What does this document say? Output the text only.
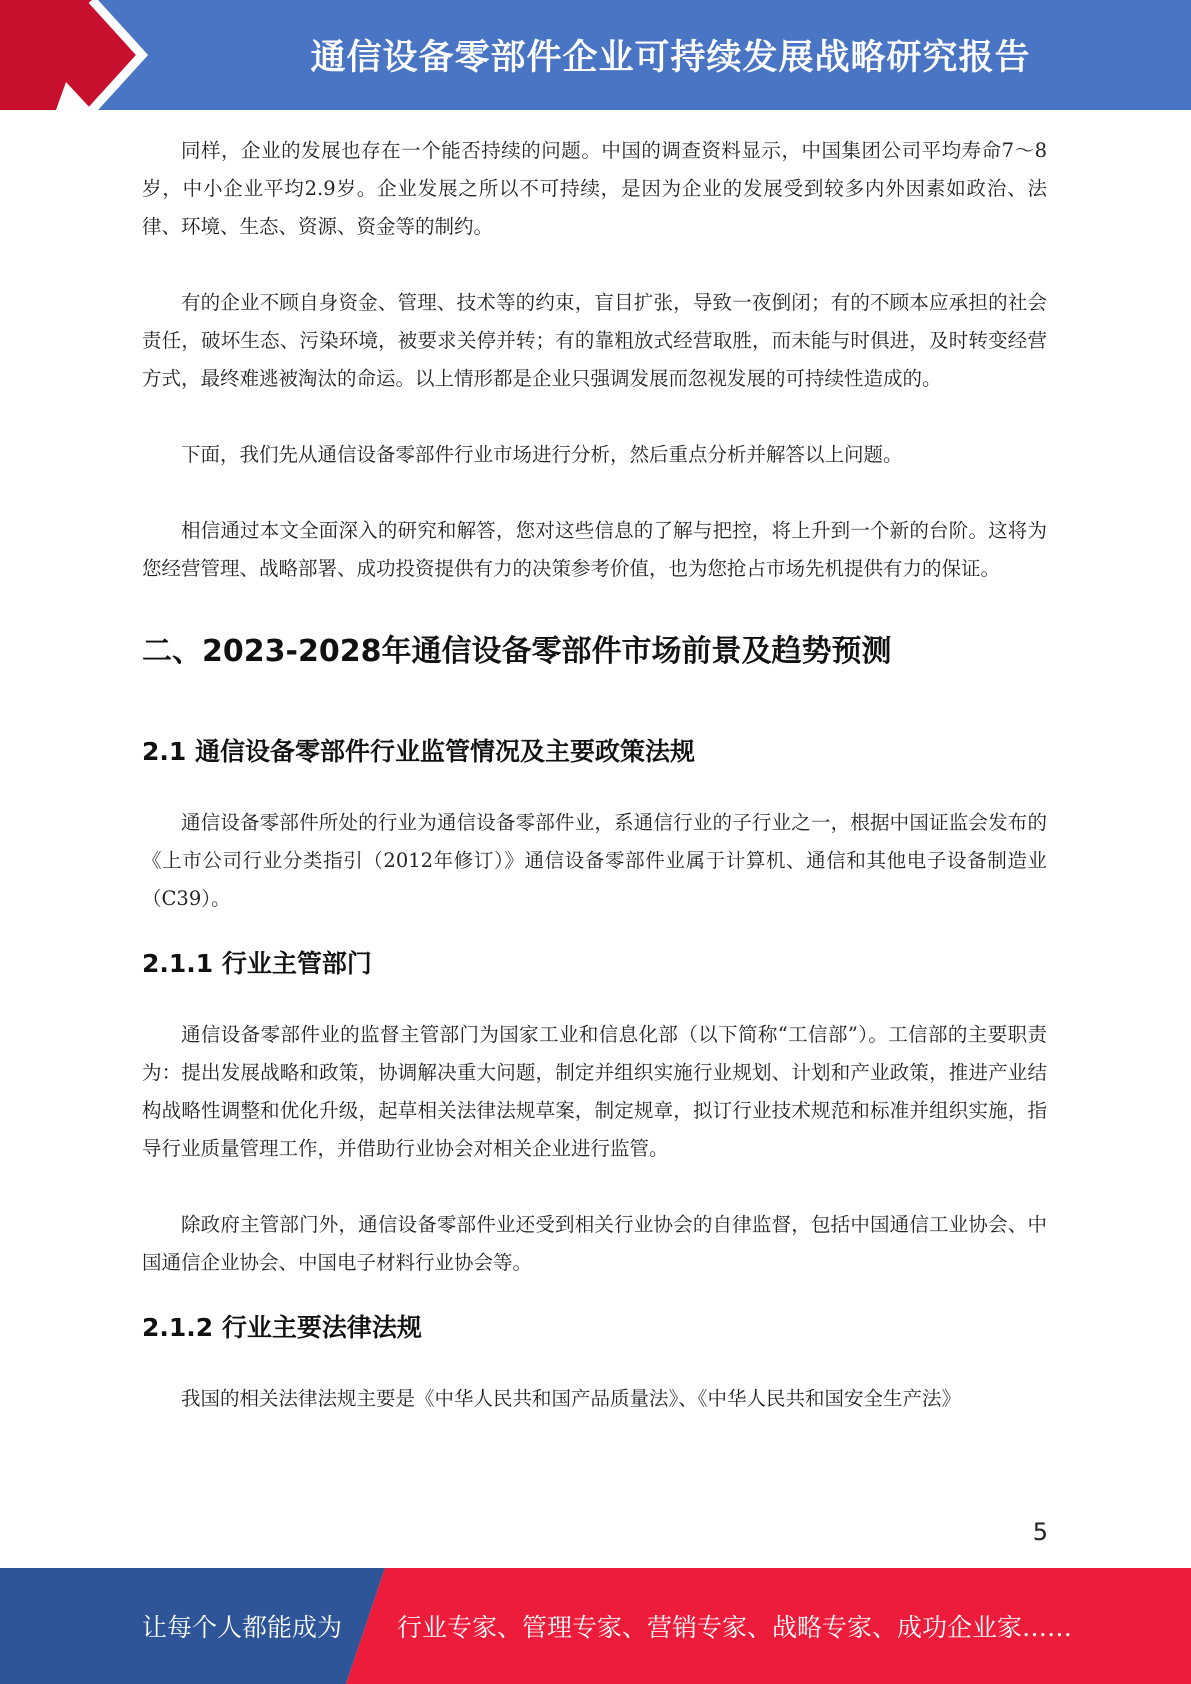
通信设备零部件企业可持续发展战略研究报告

同样，企业的发展也存在一个能否持续的问题。中国的调查资料显示，中国集团公司平均寿命7～8岁，中小企业平均2.9岁。企业发展之所以不可持续，是因为企业的发展受到较多内外因素如政治、法律、环境、生态、资源、资金等的制约。

有的企业不顾自身资金、管理、技术等的约束，盲目扩张，导致一夜倒闭；有的不顾本应承担的社会责任，破坏生态、污染环境，被要求关停并转；有的靠粗放式经营取胜，而未能与时俱进，及时转变经营方式，最终难逃被淘汰的命运。以上情形都是企业只强调发展而忽视发展的可持续性造成的。

下面，我们先从通信设备零部件行业市场进行分析，然后重点分析并解答以上问题。

相信通过本文全面深入的研究和解答，您对这些信息的了解与把控，将上升到一个新的台阶。这将为您经营管理、战略部署、成功投资提供有力的决策参考价值，也为您抢占市场先机提供有力的保证。

二、2023-2028年通信设备零部件市场前景及趋势预测
2.1 通信设备零部件行业监管情况及主要政策法规

通信设备零部件所处的行业为通信设备零部件业，系通信行业的子行业之一，根据中国证监会发布的《上市公司行业分类指引（2012年修订）》通信设备零部件业属于计算机、通信和其他电子设备制造业（C39）。

2.1.1 行业主管部门

通信设备零部件业的监督主管部门为国家工业和信息化部（以下简称“工信部”）。工信部的主要职责为：提出发展战略和政策，协调解决重大问题，制定并组织实施行业规划、计划和产业政策，推进产业结构战略性调整和优化升级，起草相关法律法规草案，制定规章，拟订行业技术规范和标准并组织实施，指导行业质量管理工作，并借助行业协会对相关企业进行监管。

除政府主管部门外，通信设备零部件业还受到相关行业协会的自律监督，包括中国通信工业协会、中国通信企业协会、中国电子材料行业协会等。

2.1.2 行业主要法律法规

我国的相关法律法规主要是《中华人民共和国产品质量法》、《中华人民共和国安全生产法》

5
让每个人都能成为 行业专家、管理专家、营销专家、战略专家、成功企业家……
